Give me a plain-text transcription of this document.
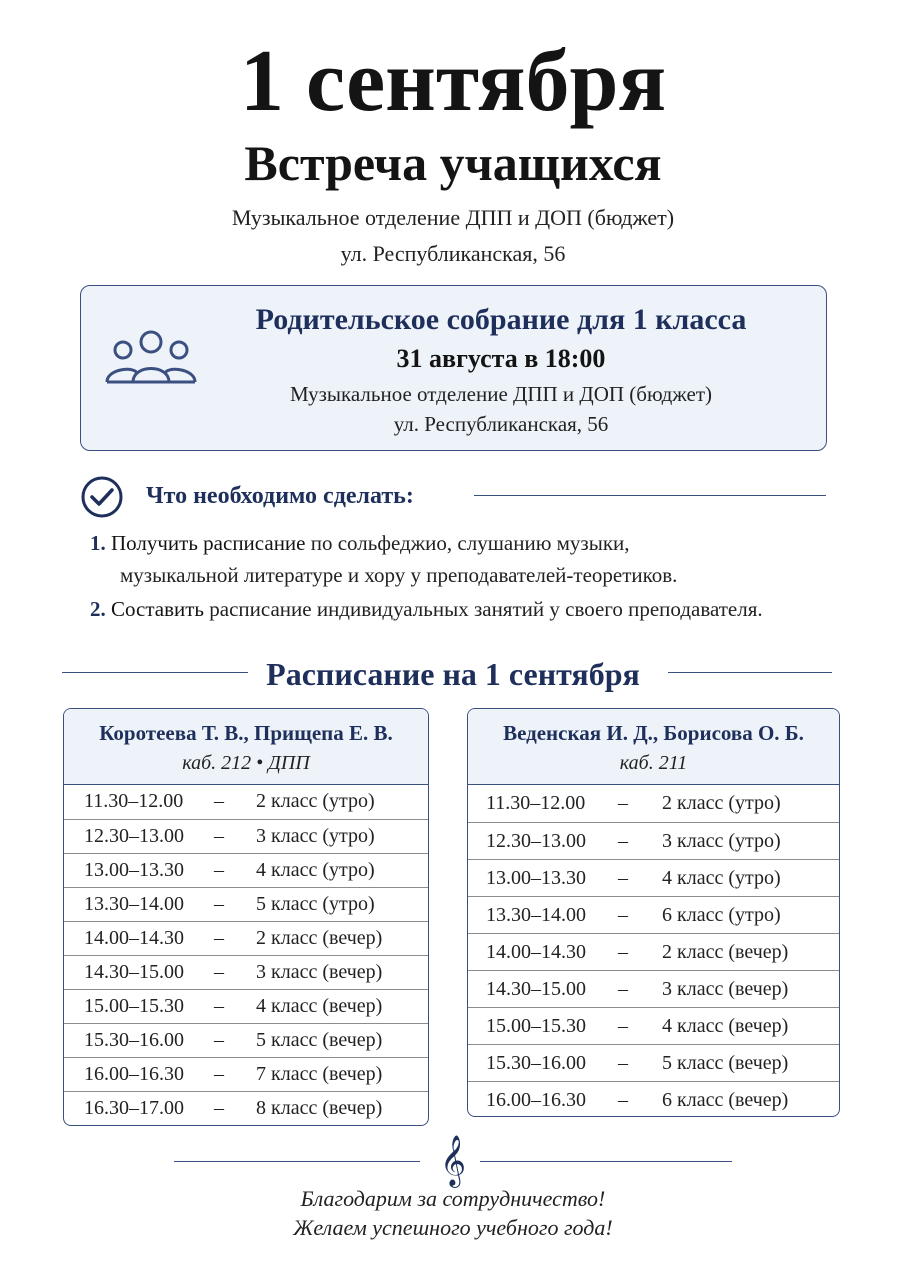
1 сентября
Встреча учащихся
Музыкальное отделение ДПП и ДОП (бюджет)
ул. Республиканская, 56
Родительское собрание для 1 класса
31 августа в 18:00
Музыкальное отделение ДПП и ДОП (бюджет)
ул. Республиканская, 56
Что необходимо сделать:
1. Получить расписание по сольфеджио, слушанию музыки,
музыкальной литературе и хору у преподавателей-теоретиков.
2. Составить расписание индивидуальных занятий у своего преподавателя.
Расписание на 1 сентября
Коротеева Т. В., Прищепа Е. В.
каб. 212 • ДПП
11.30–12.00 – 2 класс (утро)
12.30–13.00 – 3 класс (утро)
13.00–13.30 – 4 класс (утро)
13.30–14.00 – 5 класс (утро)
14.00–14.30 – 2 класс (вечер)
14.30–15.00 – 3 класс (вечер)
15.00–15.30 – 4 класс (вечер)
15.30–16.00 – 5 класс (вечер)
16.00–16.30 – 7 класс (вечер)
16.30–17.00 – 8 класс (вечер)
Веденская И. Д., Борисова О. Б.
каб. 211
11.30–12.00 – 2 класс (утро)
12.30–13.00 – 3 класс (утро)
13.00–13.30 – 4 класс (утро)
13.30–14.00 – 6 класс (утро)
14.00–14.30 – 2 класс (вечер)
14.30–15.00 – 3 класс (вечер)
15.00–15.30 – 4 класс (вечер)
15.30–16.00 – 5 класс (вечер)
16.00–16.30 – 6 класс (вечер)
𝄞
Благодарим за сотрудничество!
Желаем успешного учебного года!
